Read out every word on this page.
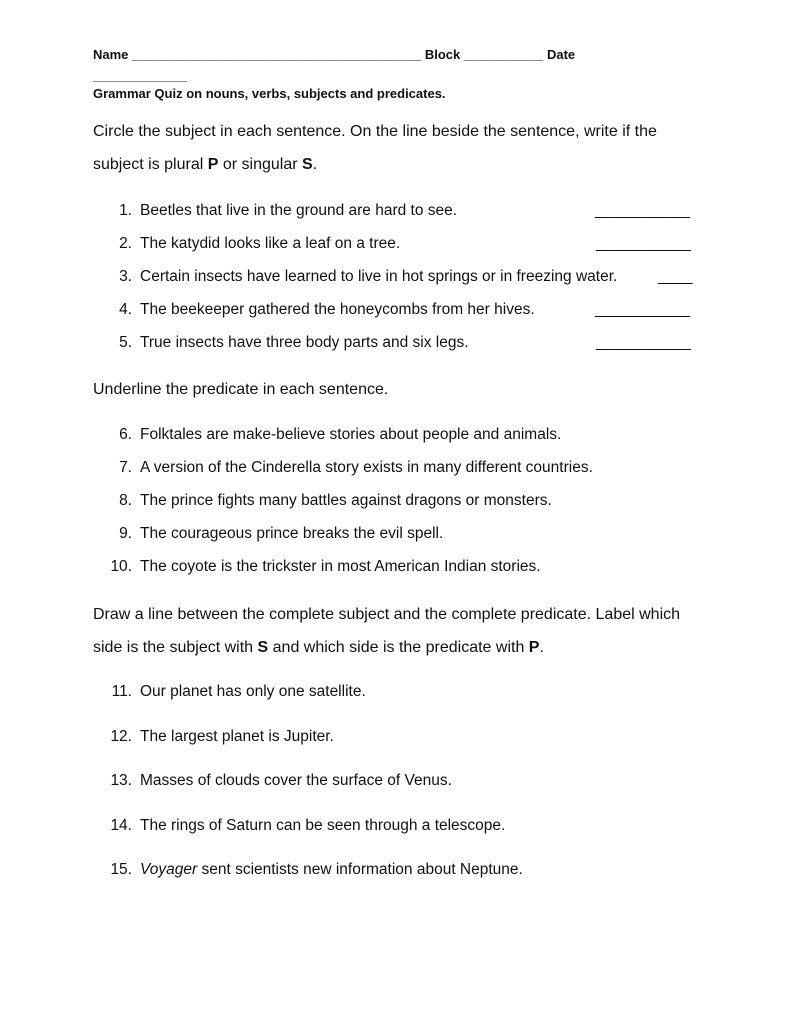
Name ________________________________________ Block ___________ Date
_____________
Grammar Quiz on nouns, verbs, subjects and predicates.
Circle the subject in each sentence. On the line beside the sentence, write if the subject is plural P or singular S.
1. Beetles that live in the ground are hard to see.	___________
2. The katydid looks like a leaf on a tree.	___________
3. Certain insects have learned to live in hot springs or in freezing water.	____
4. The beekeeper gathered the honeycombs from her hives.	___________
5. True insects have three body parts and six legs.	___________
Underline the predicate in each sentence.
6. Folktales are make-believe stories about people and animals.
7. A version of the Cinderella story exists in many different countries.
8. The prince fights many battles against dragons or monsters.
9. The courageous prince breaks the evil spell.
10. The coyote is the trickster in most American Indian stories.
Draw a line between the complete subject and the complete predicate. Label which side is the subject with S and which side is the predicate with P.
11. Our planet has only one satellite.
12. The largest planet is Jupiter.
13. Masses of clouds cover the surface of Venus.
14. The rings of Saturn can be seen through a telescope.
15. Voyager sent scientists new information about Neptune.
